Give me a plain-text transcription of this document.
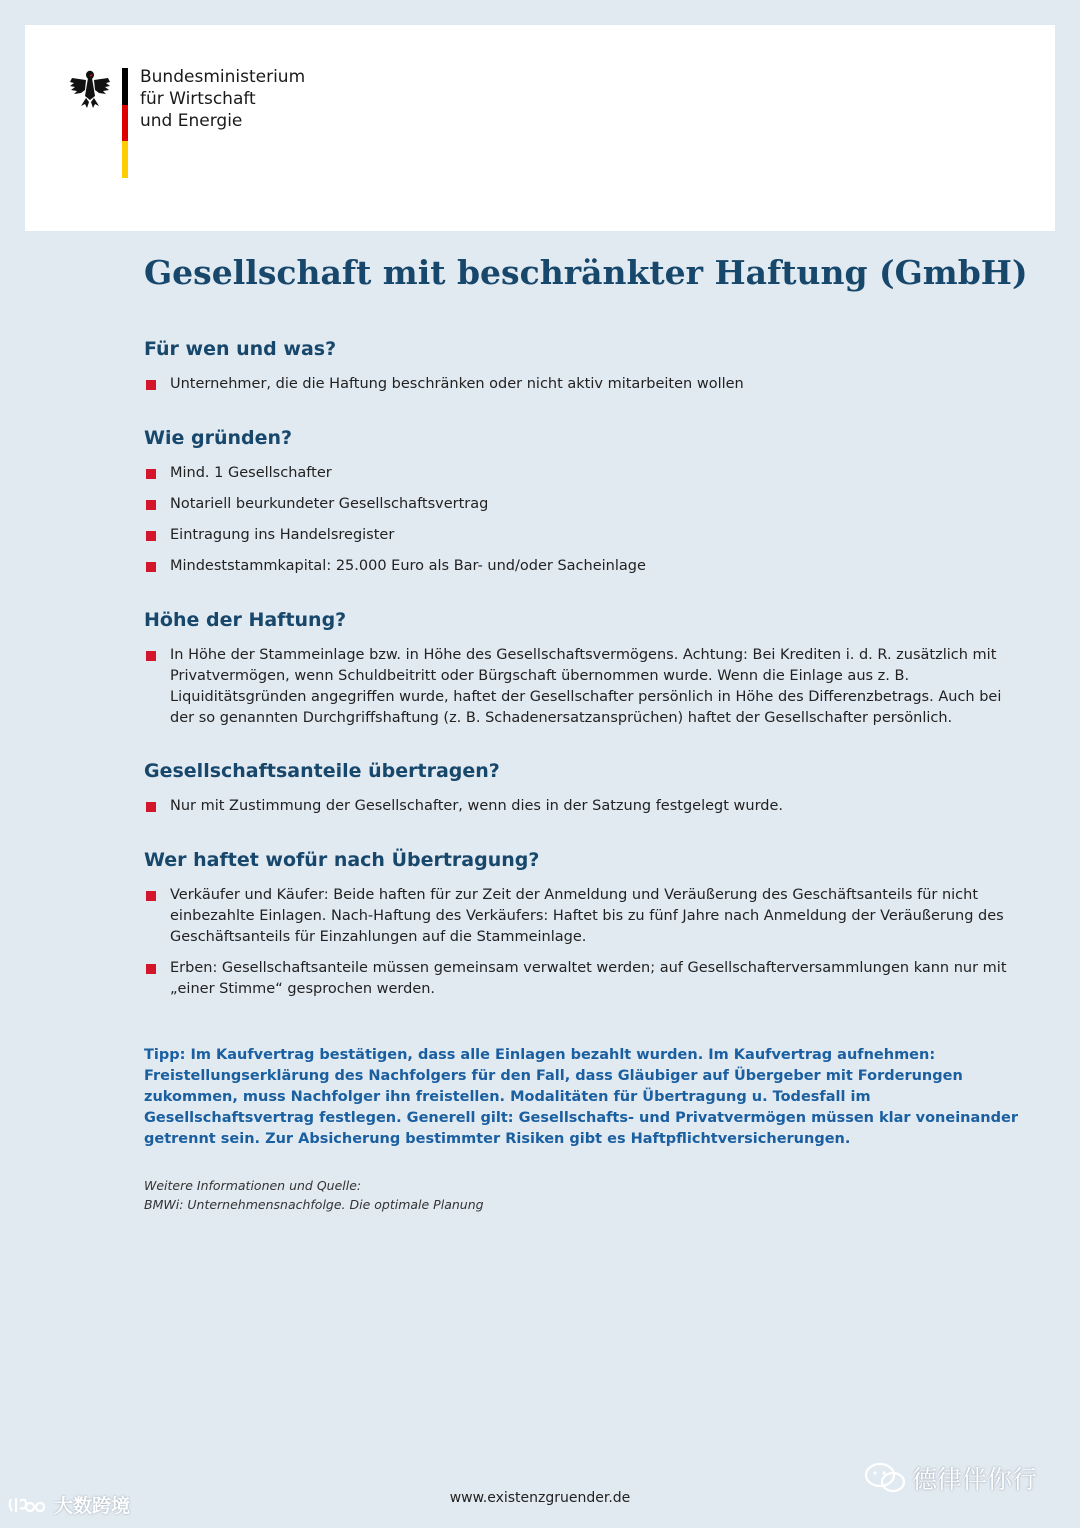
Bundesministerium
für Wirtschaft
und Energie
Gesellschaft mit beschränkter Haftung (GmbH)
Für wen und was?
Unternehmer, die die Haftung beschränken oder nicht aktiv mitarbeiten wollen
Wie gründen?
Mind. 1 Gesellschafter
Notariell beurkundeter Gesellschaftsvertrag
Eintragung ins Handelsregister
Mindeststammkapital: 25.000 Euro als Bar- und/oder Sacheinlage
Höhe der Haftung?
In Höhe der Stammeinlage bzw. in Höhe des Gesellschaftsvermögens. Achtung: Bei Krediten i. d. R. zusätzlich mit Privatvermögen, wenn Schuldbeitritt oder Bürgschaft übernommen wurde. Wenn die Einlage aus z. B. Liquiditätsgründen angegriffen wurde, haftet der Gesellschafter persönlich in Höhe des Differenzbetrags. Auch bei der so genannten Durchgriffshaftung (z. B. Schadenersatzansprüchen) haftet der Gesellschafter persönlich.
Gesellschaftsanteile übertragen?
Nur mit Zustimmung der Gesellschafter, wenn dies in der Satzung festgelegt wurde.
Wer haftet wofür nach Übertragung?
Verkäufer und Käufer: Beide haften für zur Zeit der Anmeldung und Veräußerung des Geschäftsanteils für nicht einbezahlte Einlagen. Nach-Haftung des Verkäufers: Haftet bis zu fünf Jahre nach Anmeldung der Veräußerung des Geschäftsanteils für Einzahlungen auf die Stammeinlage.
Erben: Gesellschaftsanteile müssen gemeinsam verwaltet werden; auf Gesellschafterversammlungen kann nur mit „einer Stimme“ gesprochen werden.

Tipp: Im Kaufvertrag bestätigen, dass alle Einlagen bezahlt wurden. Im Kaufvertrag aufnehmen: Freistellungserklärung des Nachfolgers für den Fall, dass Gläubiger auf Übergeber mit Forderungen zukommen, muss Nachfolger ihn freistellen. Modalitäten für Übertragung u. Todesfall im Gesellschaftsvertrag festlegen. Generell gilt: Gesellschafts- und Privatvermögen müssen klar voneinander getrennt sein. Zur Absicherung bestimmter Risiken gibt es Haftpflichtversicherungen.

Weitere Informationen und Quelle:
BMWi: Unternehmensnachfolge. Die optimale Planung
www.existenzgruender.de
大数跨境
德律伴你行
